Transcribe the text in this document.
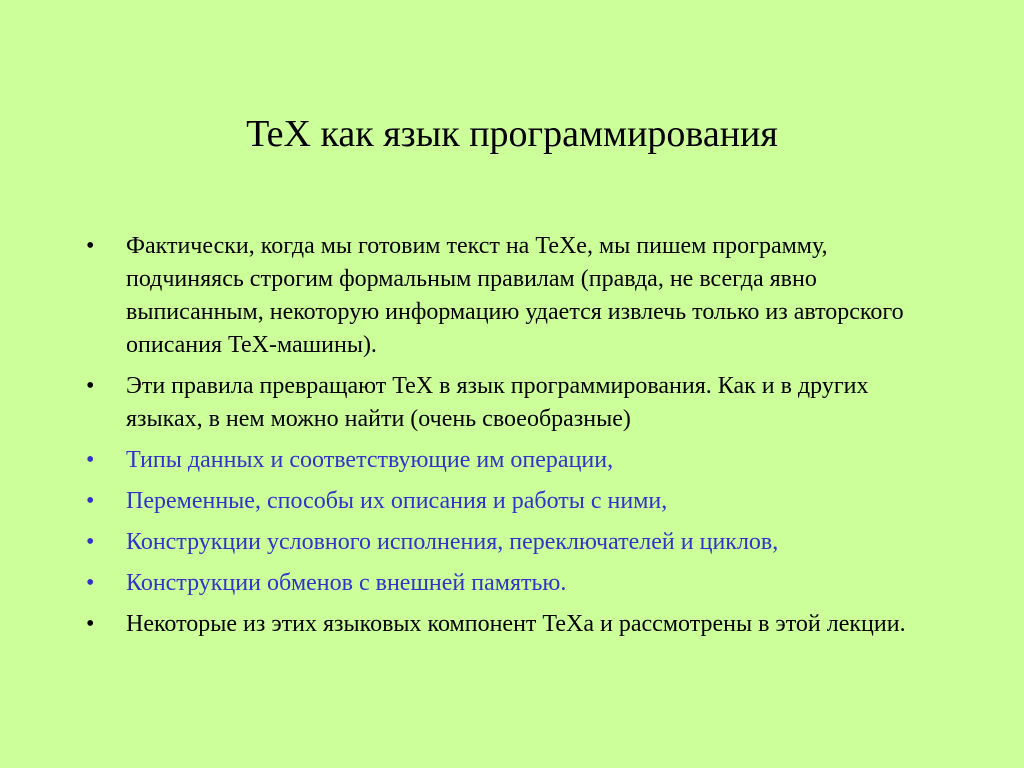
TeX как язык программирования
•	Фактически, когда мы готовим текст на TeXe, мы пишем программу, подчиняясь строгим формальным правилам (правда, не всегда явно выписанным, некоторую информацию удается извлечь только из авторского описания TeX-машины).
•	Эти правила превращают TeX в язык программирования. Как и в других языках, в нем можно найти (очень своеобразные)
•	Типы данных и соответствующие им операции,
•	Переменные, способы их описания и работы с ними,
•	Конструкции условного исполнения, переключателей и циклов,
•	Конструкции обменов с внешней памятью.
•	Некоторые из этих языковых компонент TeXa и рассмотрены в этой лекции.
